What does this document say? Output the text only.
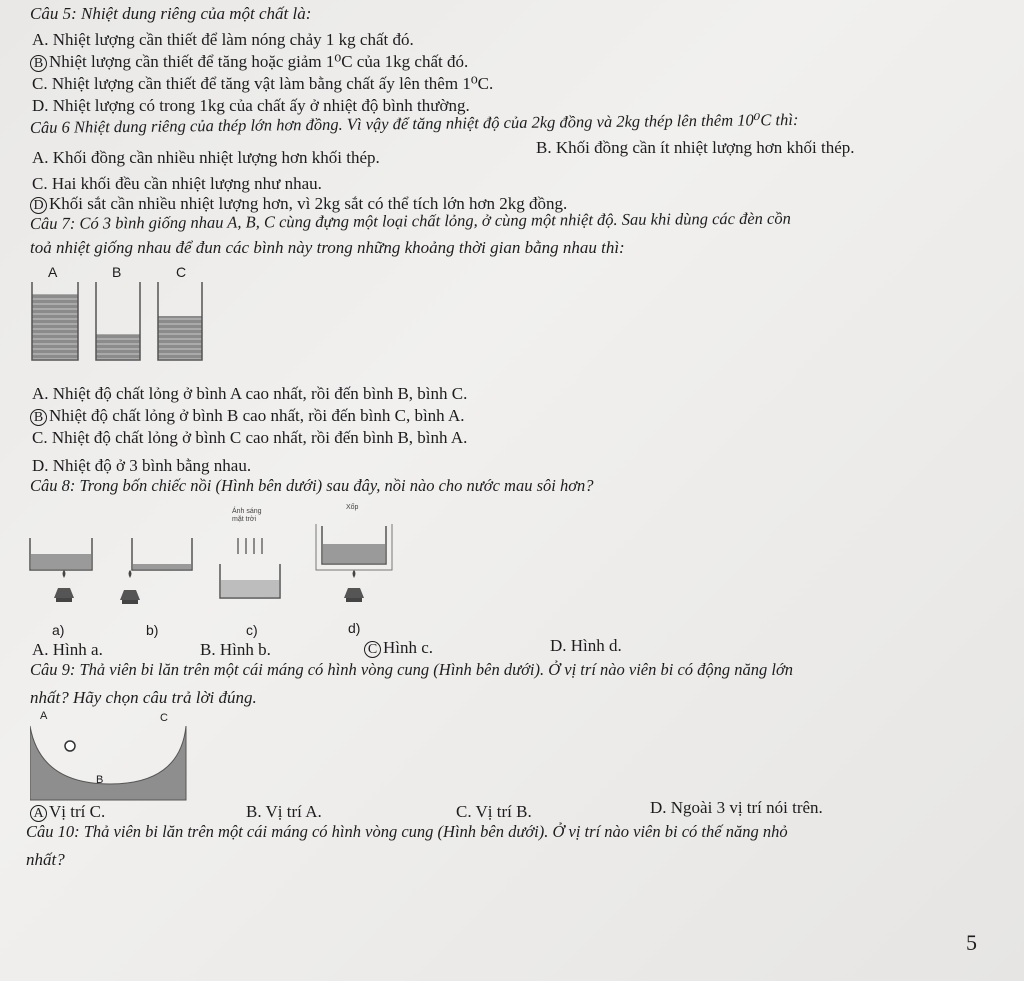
Câu 5: Nhiệt dung riêng của một chất là:
A. Nhiệt lượng cần thiết để làm nóng chảy 1 kg chất đó.
B Nhiệt lượng cần thiết để tăng hoặc giảm 1⁰C của 1kg chất đó.
C. Nhiệt lượng cần thiết để tăng vật làm bằng chất ấy lên thêm 1⁰C.
D. Nhiệt lượng có trong 1kg của chất ấy ở nhiệt độ bình thường.
Câu 6 Nhiệt dung riêng của thép lớn hơn đồng. Vì vậy để tăng nhiệt độ của 2kg đồng và 2kg thép lên thêm 10⁰C thì:
A. Khối đồng cần nhiều nhiệt lượng hơn khối thép.
B. Khối đồng cần ít nhiệt lượng hơn khối thép.
C. Hai khối đều cần nhiệt lượng như nhau.
D Khối sắt cần nhiều nhiệt lượng hơn, vì 2kg sắt có thể tích lớn hơn 2kg đồng.
Câu 7: Có 3 bình giống nhau A, B, C cùng đựng một loại chất lỏng, ở cùng một nhiệt độ. Sau khi dùng các đèn cồn
toả nhiệt giống nhau để đun các bình này trong những khoảng thời gian bằng nhau thì:
A	B	C
A. Nhiệt độ chất lỏng ở bình A cao nhất, rồi đến bình B, bình C.
B Nhiệt độ chất lỏng ở bình B cao nhất, rồi đến bình C, bình A.
C. Nhiệt độ chất lỏng ở bình C cao nhất, rồi đến bình B, bình A.
D. Nhiệt độ ở 3 bình bằng nhau.
Câu 8: Trong bốn chiếc nồi (Hình bên dưới) sau đây, nồi nào cho nước mau sôi hơn?
Ánh sáng
mặt trời
Xốp
a)	b)	c)	d)
A. Hình a.	B. Hình b.	C Hình c.	D. Hình d.
Câu 9: Thả viên bi lăn trên một cái máng có hình vòng cung (Hình bên dưới). Ở vị trí nào viên bi có động năng lớn
nhất? Hãy chọn câu trả lời đúng.
A	C
B
A Vị trí C.	B. Vị trí A.	C. Vị trí B.	D. Ngoài 3 vị trí nói trên.
Câu 10: Thả viên bi lăn trên một cái máng có hình vòng cung (Hình bên dưới). Ở vị trí nào viên bi có thế năng nhỏ
nhất?
5
